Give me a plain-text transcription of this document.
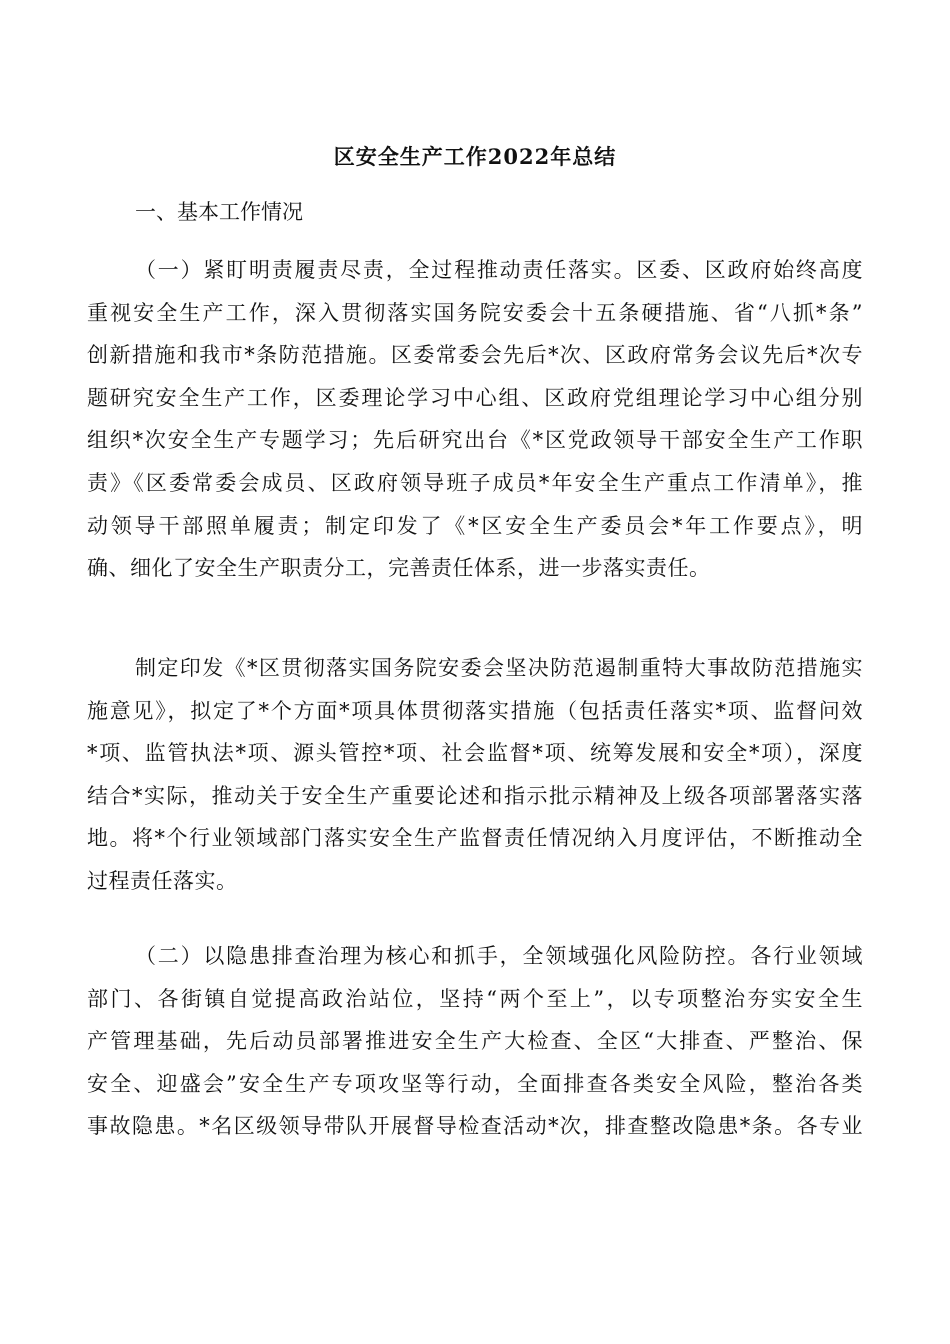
区安全生产工作2022年总结
一、基本工作情况
（一）紧盯明责履责尽责，全过程推动责任落实。区委、区政府始终高度
重视安全生产工作，深入贯彻落实国务院安委会十五条硬措施、省“八抓*条”
创新措施和我市*条防范措施。区委常委会先后*次、区政府常务会议先后*次专
题研究安全生产工作，区委理论学习中心组、区政府党组理论学习中心组分别
组织*次安全生产专题学习；先后研究出台《*区党政领导干部安全生产工作职
责》《区委常委会成员、区政府领导班子成员*年安全生产重点工作清单》，推
动领导干部照单履责；制定印发了《*区安全生产委员会*年工作要点》，明
确、细化了安全生产职责分工，完善责任体系，进一步落实责任。
制定印发《*区贯彻落实国务院安委会坚决防范遏制重特大事故防范措施实
施意见》，拟定了*个方面*项具体贯彻落实措施（包括责任落实*项、监督问效
*项、监管执法*项、源头管控*项、社会监督*项、统筹发展和安全*项），深度
结合*实际，推动关于安全生产重要论述和指示批示精神及上级各项部署落实落
地。将*个行业领域部门落实安全生产监督责任情况纳入月度评估，不断推动全
过程责任落实。
（二）以隐患排查治理为核心和抓手，全领域强化风险防控。各行业领域
部门、各街镇自觉提高政治站位，坚持“两个至上”，以专项整治夯实安全生
产管理基础，先后动员部署推进安全生产大检查、全区“大排查、严整治、保
安全、迎盛会”安全生产专项攻坚等行动，全面排查各类安全风险，整治各类
事故隐患。*名区级领导带队开展督导检查活动*次，排查整改隐患*条。各专业
